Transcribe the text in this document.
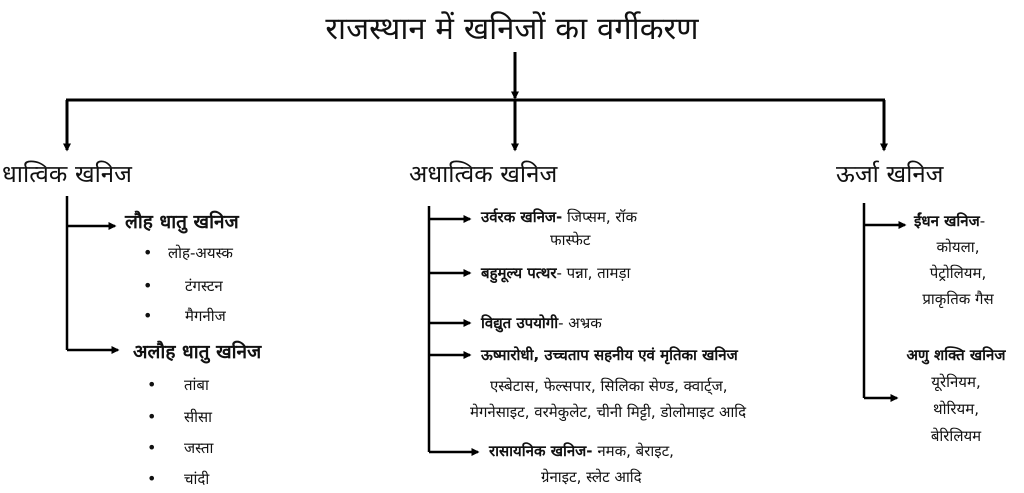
राजस्थान में खनिजों का वर्गीकरण
धात्विक खनिज
लौह धातु खनिज
• लोह-अयस्क
• टंगस्टन
• मैगनीज
अलौह धातु खनिज
• तांबा
• सीसा
• जस्ता
• चांदी
अधात्विक खनिज
उर्वरक खनिज- जिप्सम, रॉक
फास्फेट
बहुमूल्य पत्थर- पन्ना, तामड़ा
विद्युत उपयोगी- अभ्रक
ऊष्मारोधी, उच्चताप सहनीय एवं मृतिका खनिज
एस्बेटास, फेल्सपार, सिलिका सेण्ड, क्वार्ट्ज,
मेगनेसाइट, वरमेकुलेट, चीनी मिट्टी, डोलोमाइट आदि
रासायनिक खनिज- नमक, बेराइट,
ग्रेनाइट, स्लेट आदि
ऊर्जा खनिज
ईंधन खनिज-
कोयला,
पेट्रोलियम,
प्राकृतिक गैस
अणु शक्ति खनिज
यूरेनियम,
थोरियम,
बेरिलियम
